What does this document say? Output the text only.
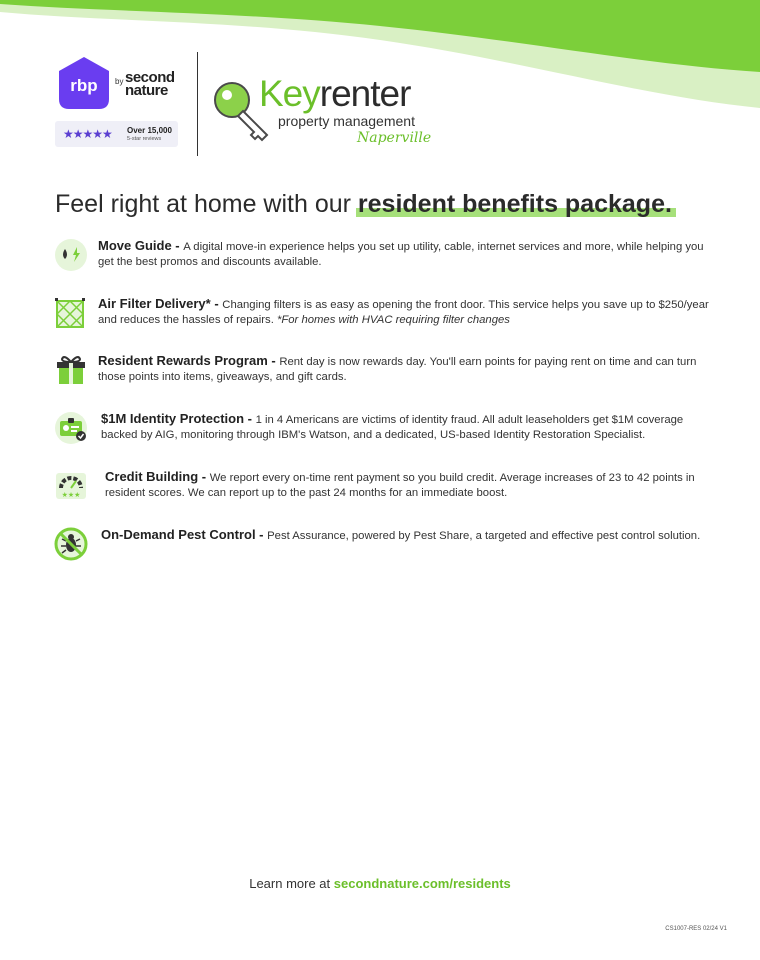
rbp by second nature
★★★★★ Over 15,000
5-star reviews
Keyrenter
property management
Naperville
Feel right at home with our resident benefits package.
Move Guide - A digital move-in experience helps you set up utility, cable, internet services and more, while helping you get the best promos and discounts available.
Air Filter Delivery* - Changing filters is as easy as opening the front door. This service helps you save up to $250/year and reduces the hassles of repairs. *For homes with HVAC requiring filter changes
Resident Rewards Program - Rent day is now rewards day. You'll earn points for paying rent on time and can turn those points into items, giveaways, and gift cards.
$1M Identity Protection - 1 in 4 Americans are victims of identity fraud. All adult leaseholders get $1M coverage backed by AIG, monitoring through IBM's Watson, and a dedicated, US-based Identity Restoration Specialist.
★★★
Credit Building - We report every on-time rent payment so you build credit. Average increases of 23 to 42 points in resident scores. We can report up to the past 24 months for an immediate boost.
On-Demand Pest Control - Pest Assurance, powered by Pest Share, a targeted and effective pest control solution.
Learn more at secondnature.com/residents
CS1007-RES 02/24 V1
